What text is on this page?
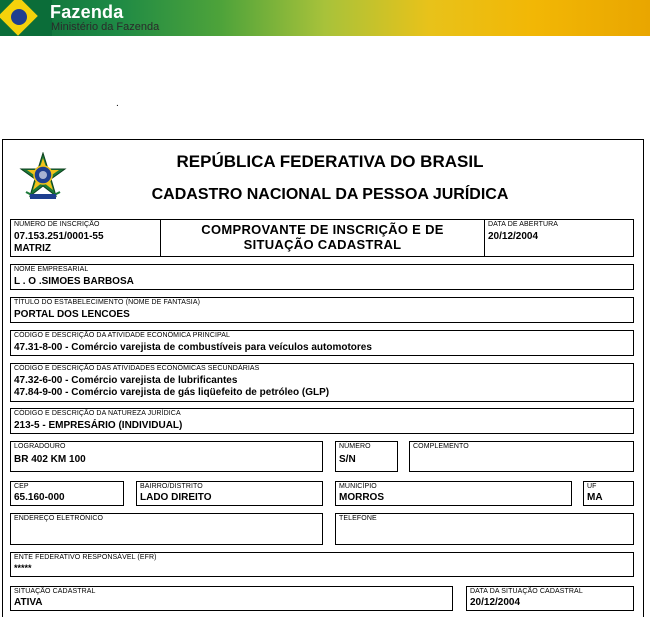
Fazenda
Ministério da Fazenda
.
REPÚBLICA FEDERATIVA DO BRASIL
CADASTRO NACIONAL DA PESSOA JURÍDICA
NÚMERO DE INSCRIÇÃO
07.153.251/0001-55
MATRIZ
COMPROVANTE DE INSCRIÇÃO E DE
SITUAÇÃO CADASTRAL
DATA DE ABERTURA
20/12/2004
NOME EMPRESARIAL
L . O .SIMOES BARBOSA
TÍTULO DO ESTABELECIMENTO (NOME DE FANTASIA)
PORTAL DOS LENCOES
CÓDIGO E DESCRIÇÃO DA ATIVIDADE ECONÔMICA PRINCIPAL
47.31-8-00 - Comércio varejista de combustíveis para veículos automotores
CÓDIGO E DESCRIÇÃO DAS ATIVIDADES ECONÔMICAS SECUNDÁRIAS
47.32-6-00 - Comércio varejista de lubrificantes
47.84-9-00 - Comércio varejista de gás liqüefeito de petróleo (GLP)
CÓDIGO E DESCRIÇÃO DA NATUREZA JURÍDICA
213-5 - EMPRESÁRIO (INDIVIDUAL)
LOGRADOURO
BR 402 KM 100
NÚMERO
S/N
COMPLEMENTO
CEP
65.160-000
BAIRRO/DISTRITO
LADO DIREITO
MUNICÍPIO
MORROS
UF
MA
ENDEREÇO ELETRÔNICO	TELEFONE
ENTE FEDERATIVO RESPONSÁVEL (EFR)
*****
SITUAÇÃO CADASTRAL
ATIVA
DATA DA SITUAÇÃO CADASTRAL
20/12/2004
